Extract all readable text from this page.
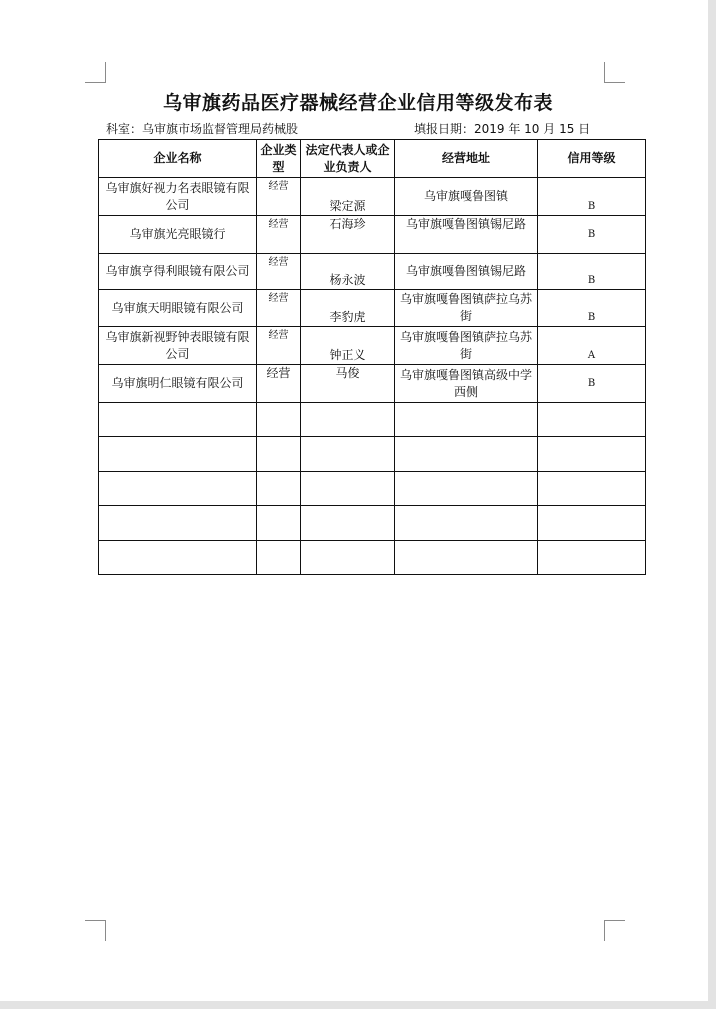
乌审旗药品医疗器械经营企业信用等级发布表
科室：乌审旗市场监督管理局药械股	填报日期：2019 年 10 月 15 日
企业名称	企业类型	法定代表人或企业负责人	经营地址	信用等级
乌审旗好视力名表眼镜有限公司	经营	梁定源	乌审旗嘎鲁图镇	B
乌审旗光亮眼镜行	经营	石海珍	乌审旗嘎鲁图镇锡尼路	B
乌审旗亨得利眼镜有限公司	经营	杨永波	乌审旗嘎鲁图镇锡尼路	B
乌审旗天明眼镜有限公司	经营	李豹虎	乌审旗嘎鲁图镇萨拉乌苏街	B
乌审旗新视野钟表眼镜有限公司	经营	钟正义	乌审旗嘎鲁图镇萨拉乌苏街	A
乌审旗明仁眼镜有限公司	经营	马俊	乌审旗嘎鲁图镇高级中学西侧	B
